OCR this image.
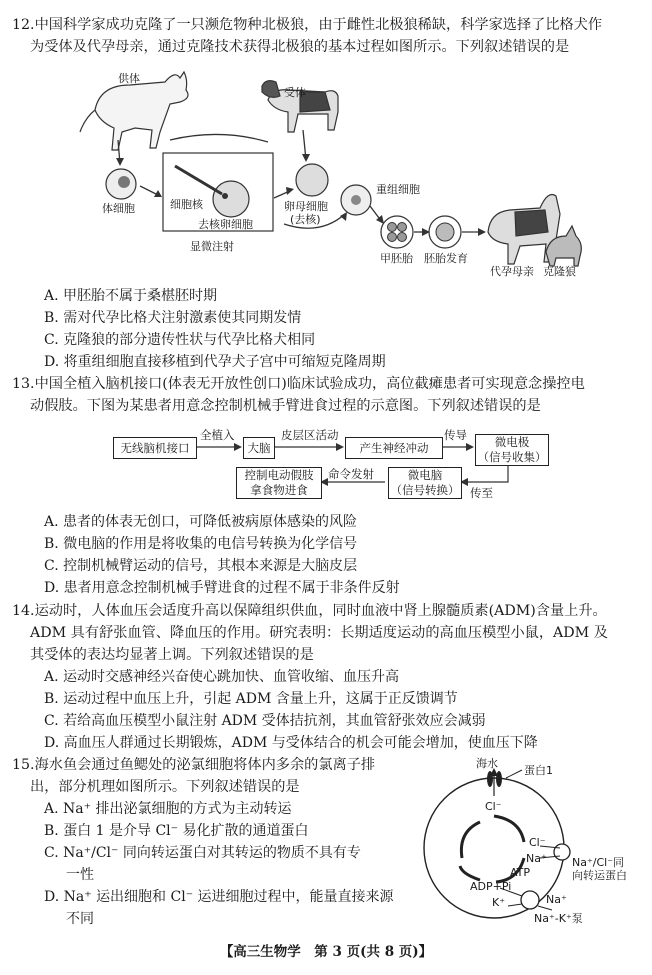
12.中国科学家成功克隆了一只濒危物种北极狼，由于雌性北极狼稀缺，科学家选择了比格犬作
为受体及代孕母亲，通过克隆技术获得北极狼的基本过程如图所示。下列叙述错误的是
供体
受体
体细胞	细胞核	卵母细胞
(去核)
去核卵细胞
显微注射
重组细胞
甲胚胎 胚胎发育
代孕母亲 克隆狼
A. 甲胚胎不属于桑椹胚时期
B. 需对代孕比格犬注射激素使其同期发情
C. 克隆狼的部分遗传性状与代孕比格犬相同
D. 将重组细胞直接移植到代孕犬子宫中可缩短克隆周期
13.中国全植入脑机接口(体表无开放性创口)临床试验成功，高位截瘫患者可实现意念操控电
动假肢。下图为某患者用意念控制机械手臂进食过程的示意图。下列叙述错误的是
无线脑机接口
全植入
大脑
皮层区活动
产生神经冲动
传导 微电极
（信号收集）
传至
微电脑
（信号转换）
命令发射
控制电动假肢
拿食物进食
A. 患者的体表无创口，可降低被病原体感染的风险
B. 微电脑的作用是将收集的电信号转换为化学信号
C. 控制机械臂运动的信号，其根本来源是大脑皮层
D. 患者用意念控制机械手臂进食的过程不属于非条件反射
14.运动时，人体血压会适度升高以保障组织供血，同时血液中肾上腺髓质素(ADM)含量上升。
ADM 具有舒张血管、降血压的作用。研究表明：长期适度运动的高血压模型小鼠，ADM 及
其受体的表达均显著上调。下列叙述错误的是
A. 运动时交感神经兴奋使心跳加快、血管收缩、血压升高
B. 运动过程中血压上升，引起 ADM 含量上升，这属于正反馈调节
C. 若给高血压模型小鼠注射 ADM 受体拮抗剂，其血管舒张效应会减弱
D. 高血压人群通过长期锻炼，ADM 与受体结合的机会可能会增加，使血压下降
15.海水鱼会通过鱼鳃处的泌氯细胞将体内多余的氯离子排
出，部分机理如图所示。下列叙述错误的是
A. Na⁺ 排出泌氯细胞的方式为主动转运
B. 蛋白 1 是介导 Cl⁻ 易化扩散的通道蛋白
C. Na⁺/Cl⁻ 同向转运蛋白对其转运的物质不具有专
一性
D. Na⁺ 运出细胞和 Cl⁻ 运进细胞过程中，能量直接来源
不同
海水
蛋白1
Cl⁻
Cl⁻
Na⁺ Na⁺/Cl⁻同
向转运蛋白
ATP
ADP+Pi
K⁺	Na⁺
Na⁺-K⁺泵
【高三生物学　第 3 页(共 8 页)】
